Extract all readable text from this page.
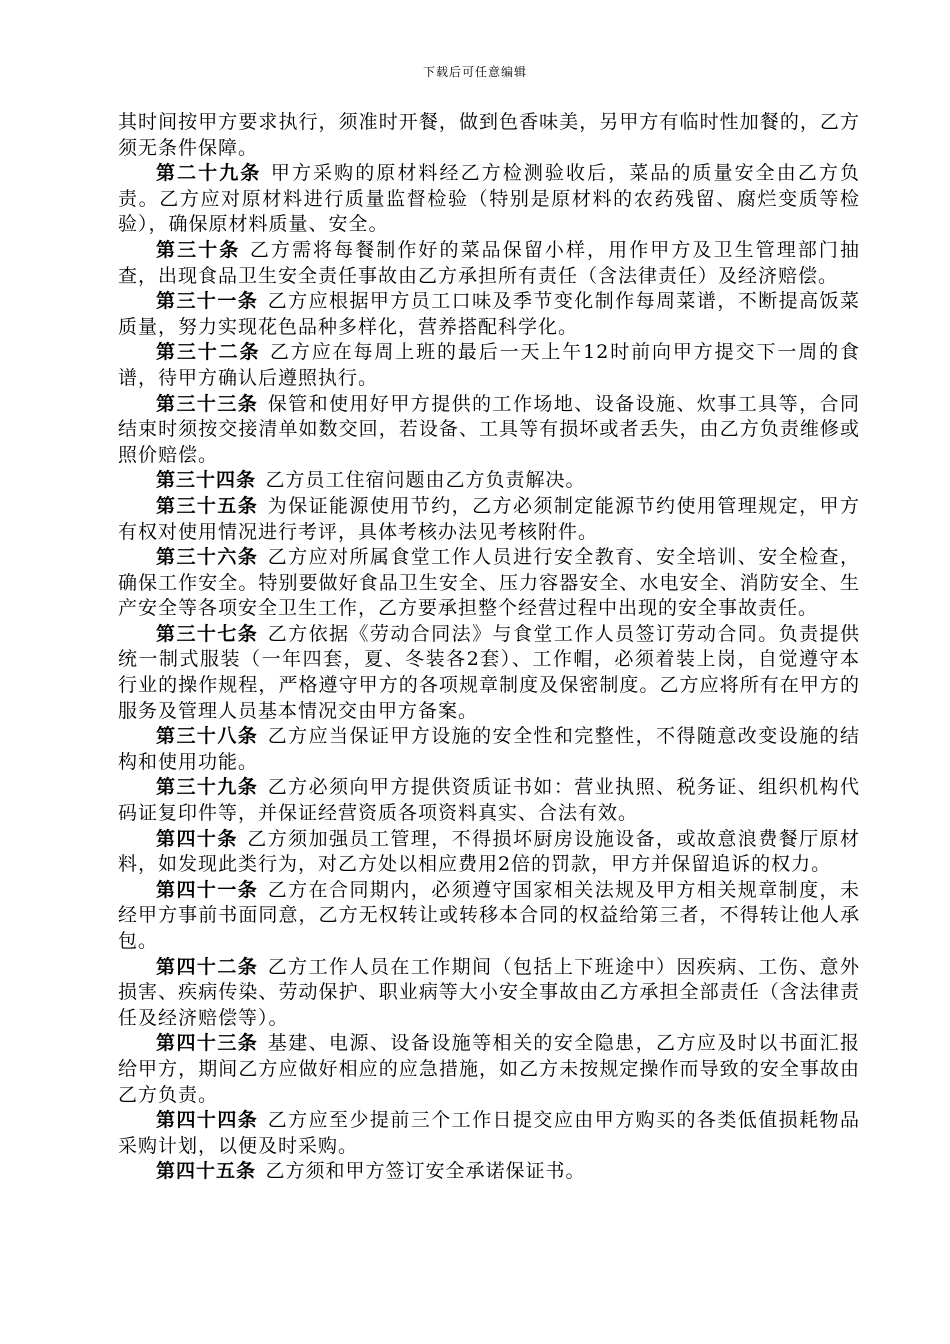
下载后可任意编辑

其时间按甲方要求执行，须准时开餐，做到色香味美，另甲方有临时性加餐的，乙方须无条件保障。

第二十九条 甲方采购的原材料经乙方检测验收后，菜品的质量安全由乙方负责。乙方应对原材料进行质量监督检验（特别是原材料的农药残留、腐烂变质等检验），确保原材料质量、安全。

第三十条 乙方需将每餐制作好的菜品保留小样，用作甲方及卫生管理部门抽查，出现食品卫生安全责任事故由乙方承担所有责任（含法律责任）及经济赔偿。

第三十一条 乙方应根据甲方员工口味及季节变化制作每周菜谱，不断提高饭菜质量，努力实现花色品种多样化，营养搭配科学化。

第三十二条 乙方应在每周上班的最后一天上午12时前向甲方提交下一周的食谱，待甲方确认后遵照执行。

第三十三条 保管和使用好甲方提供的工作场地、设备设施、炊事工具等，合同结束时须按交接清单如数交回，若设备、工具等有损坏或者丢失，由乙方负责维修或照价赔偿。

第三十四条 乙方员工住宿问题由乙方负责解决。

第三十五条 为保证能源使用节约，乙方必须制定能源节约使用管理规定，甲方有权对使用情况进行考评，具体考核办法见考核附件。

第三十六条 乙方应对所属食堂工作人员进行安全教育、安全培训、安全检查，确保工作安全。特别要做好食品卫生安全、压力容器安全、水电安全、消防安全、生产安全等各项安全卫生工作，乙方要承担整个经营过程中出现的安全事故责任。

第三十七条 乙方依据《劳动合同法》与食堂工作人员签订劳动合同。负责提供统一制式服装（一年四套，夏、冬装各2套）、工作帽，必须着装上岗，自觉遵守本行业的操作规程，严格遵守甲方的各项规章制度及保密制度。乙方应将所有在甲方的服务及管理人员基本情况交由甲方备案。

第三十八条 乙方应当保证甲方设施的安全性和完整性，不得随意改变设施的结构和使用功能。

第三十九条 乙方必须向甲方提供资质证书如：营业执照、税务证、组织机构代码证复印件等，并保证经营资质各项资料真实、合法有效。

第四十条 乙方须加强员工管理，不得损坏厨房设施设备，或故意浪费餐厅原材料，如发现此类行为，对乙方处以相应费用2倍的罚款，甲方并保留追诉的权力。

第四十一条 乙方在合同期内，必须遵守国家相关法规及甲方相关规章制度，未经甲方事前书面同意，乙方无权转让或转移本合同的权益给第三者，不得转让他人承包。

第四十二条 乙方工作人员在工作期间（包括上下班途中）因疾病、工伤、意外损害、疾病传染、劳动保护、职业病等大小安全事故由乙方承担全部责任（含法律责任及经济赔偿等）。

第四十三条 基建、电源、设备设施等相关的安全隐患，乙方应及时以书面汇报给甲方，期间乙方应做好相应的应急措施，如乙方未按规定操作而导致的安全事故由乙方负责。

第四十四条 乙方应至少提前三个工作日提交应由甲方购买的各类低值损耗物品采购计划，以便及时采购。

第四十五条 乙方须和甲方签订安全承诺保证书。
